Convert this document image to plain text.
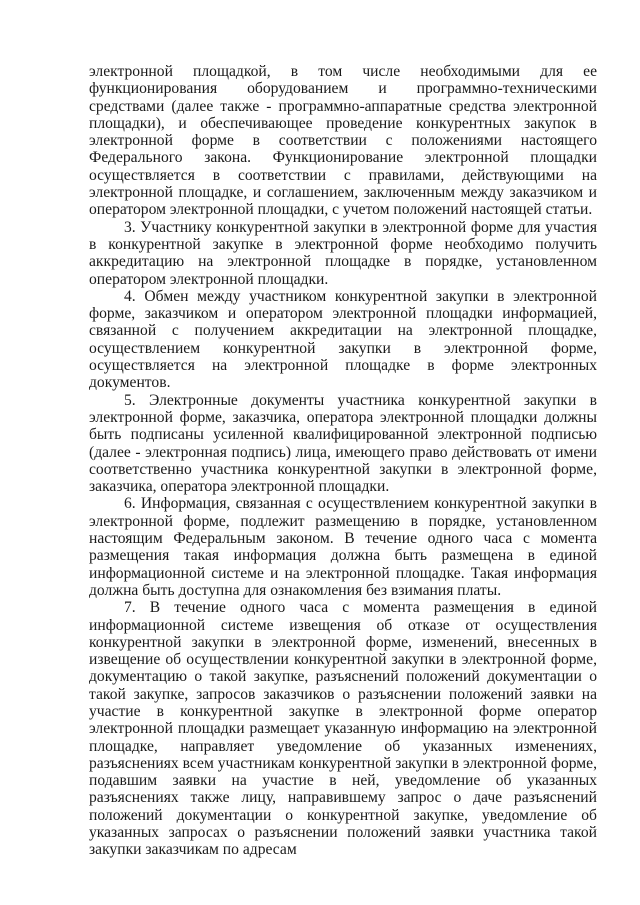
электронной площадкой, в том числе необходимыми для ее функционирования оборудованием и программно-техническими средствами (далее также - программно-аппаратные средства электронной площадки), и обеспечивающее проведение конкурентных закупок в электронной форме в соответствии с положениями настоящего Федерального закона. Функционирование электронной площадки осуществляется в соответствии с правилами, действующими на электронной площадке, и соглашением, заключенным между заказчиком и оператором электронной площадки, с учетом положений настоящей статьи.

3. Участнику конкурентной закупки в электронной форме для участия в конкурентной закупке в электронной форме необходимо получить аккредитацию на электронной площадке в порядке, установленном оператором электронной площадки.

4. Обмен между участником конкурентной закупки в электронной форме, заказчиком и оператором электронной площадки информацией, связанной с получением аккредитации на электронной площадке, осуществлением конкурентной закупки в электронной форме, осуществляется на электронной площадке в форме электронных документов.

5. Электронные документы участника конкурентной закупки в электронной форме, заказчика, оператора электронной площадки должны быть подписаны усиленной квалифицированной электронной подписью (далее - электронная подпись) лица, имеющего право действовать от имени соответственно участника конкурентной закупки в электронной форме, заказчика, оператора электронной площадки.

6. Информация, связанная с осуществлением конкурентной закупки в электронной форме, подлежит размещению в порядке, установленном настоящим Федеральным законом. В течение одного часа с момента размещения такая информация должна быть размещена в единой информационной системе и на электронной площадке. Такая информация должна быть доступна для ознакомления без взимания платы.

7. В течение одного часа с момента размещения в единой информационной системе извещения об отказе от осуществления конкурентной закупки в электронной форме, изменений, внесенных в извещение об осуществлении конкурентной закупки в электронной форме, документацию о такой закупке, разъяснений положений документации о такой закупке, запросов заказчиков о разъяснении положений заявки на участие в конкурентной закупке в электронной форме оператор электронной площадки размещает указанную информацию на электронной площадке, направляет уведомление об указанных изменениях, разъяснениях всем участникам конкурентной закупки в электронной форме, подавшим заявки на участие в ней, уведомление об указанных разъяснениях также лицу, направившему запрос о даче разъяснений положений документации о конкурентной закупке, уведомление об указанных запросах о разъяснении положений заявки участника такой закупки заказчикам по адресам
